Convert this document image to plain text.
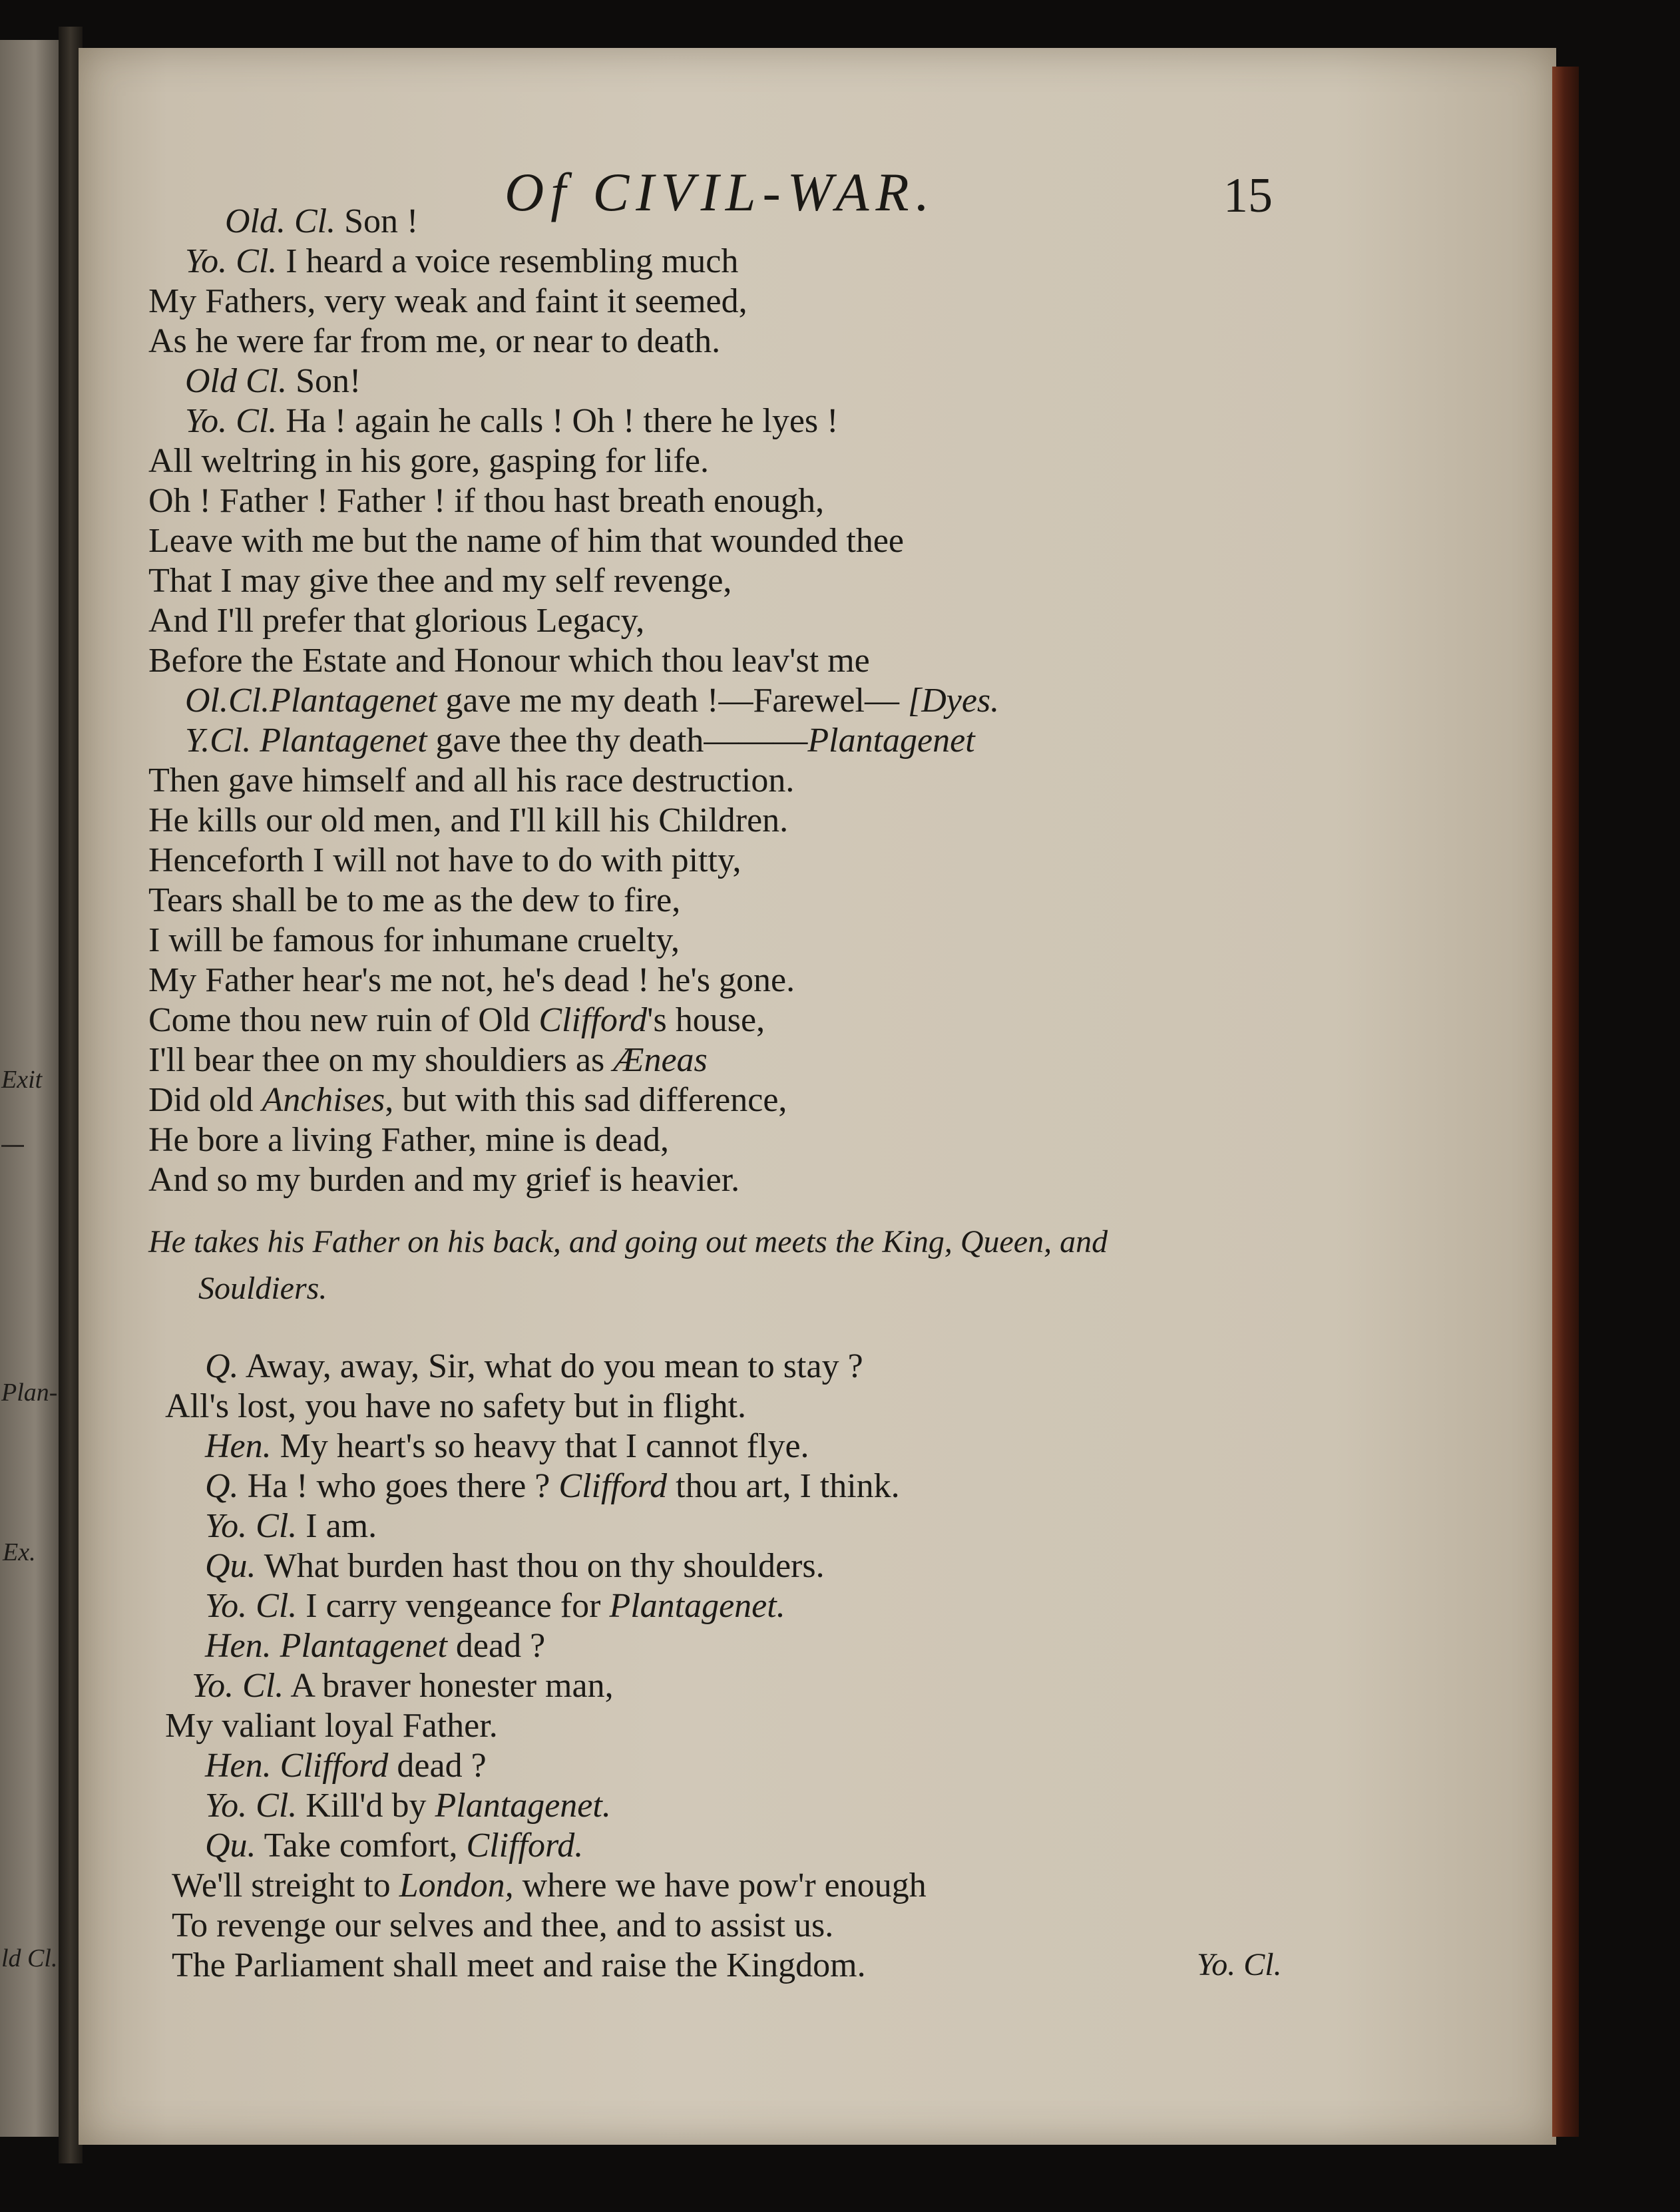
Exit
Plan-
Ex.
ld Cl.
Of CIVIL-WAR.	15
Old. Cl. Son !
Yo. Cl. I heard a voice resembling much
My Fathers, very weak and faint it seemed,
As he were far from me, or near to death.
Old Cl. Son!
Yo. Cl. Ha ! again he calls ! Oh ! there he lyes !
All weltring in his gore, gasping for life.
Oh ! Father ! Father ! if thou hast breath enough,
Leave with me but the name of him that wounded thee
That I may give thee and my self revenge,
And I'll prefer that glorious Legacy,
Before the Estate and Honour which thou leav'st me
Ol.Cl.Plantagenet gave me my death !—Farewel— [Dyes.
Y.Cl. Plantagenet gave thee thy death———Plantagenet
Then gave himself and all his race destruction.
He kills our old men, and I'll kill his Children.
Henceforth I will not have to do with pitty,
Tears shall be to me as the dew to fire,
I will be famous for inhumane cruelty,
My Father hear's me not, he's dead ! he's gone.
Come thou new ruin of Old Clifford's house,
I'll bear thee on my shouldiers as Æneas
Did old Anchises, but with this sad difference,
He bore a living Father, mine is dead,
And so my burden and my grief is heavier.
He takes his Father on his back, and going out meets the King, Queen, and
Souldiers.
Q. Away, away, Sir, what do you mean to stay ?
All's lost, you have no safety but in flight.
Hen. My heart's so heavy that I cannot flye.
Q. Ha ! who goes there ? Clifford thou art, I think.
Yo. Cl. I am.
Qu. What burden hast thou on thy shoulders.
Yo. Cl. I carry vengeance for Plantagenet.
Hen. Plantagenet dead ?
Yo. Cl. A braver honester man,
My valiant loyal Father.
Hen. Clifford dead ?
Yo. Cl. Kill'd by Plantagenet.
Qu. Take comfort, Clifford.
We'll streight to London, where we have pow'r enough
To revenge our selves and thee, and to assist us.
The Parliament shall meet and raise the Kingdom.	Yo. Cl.
